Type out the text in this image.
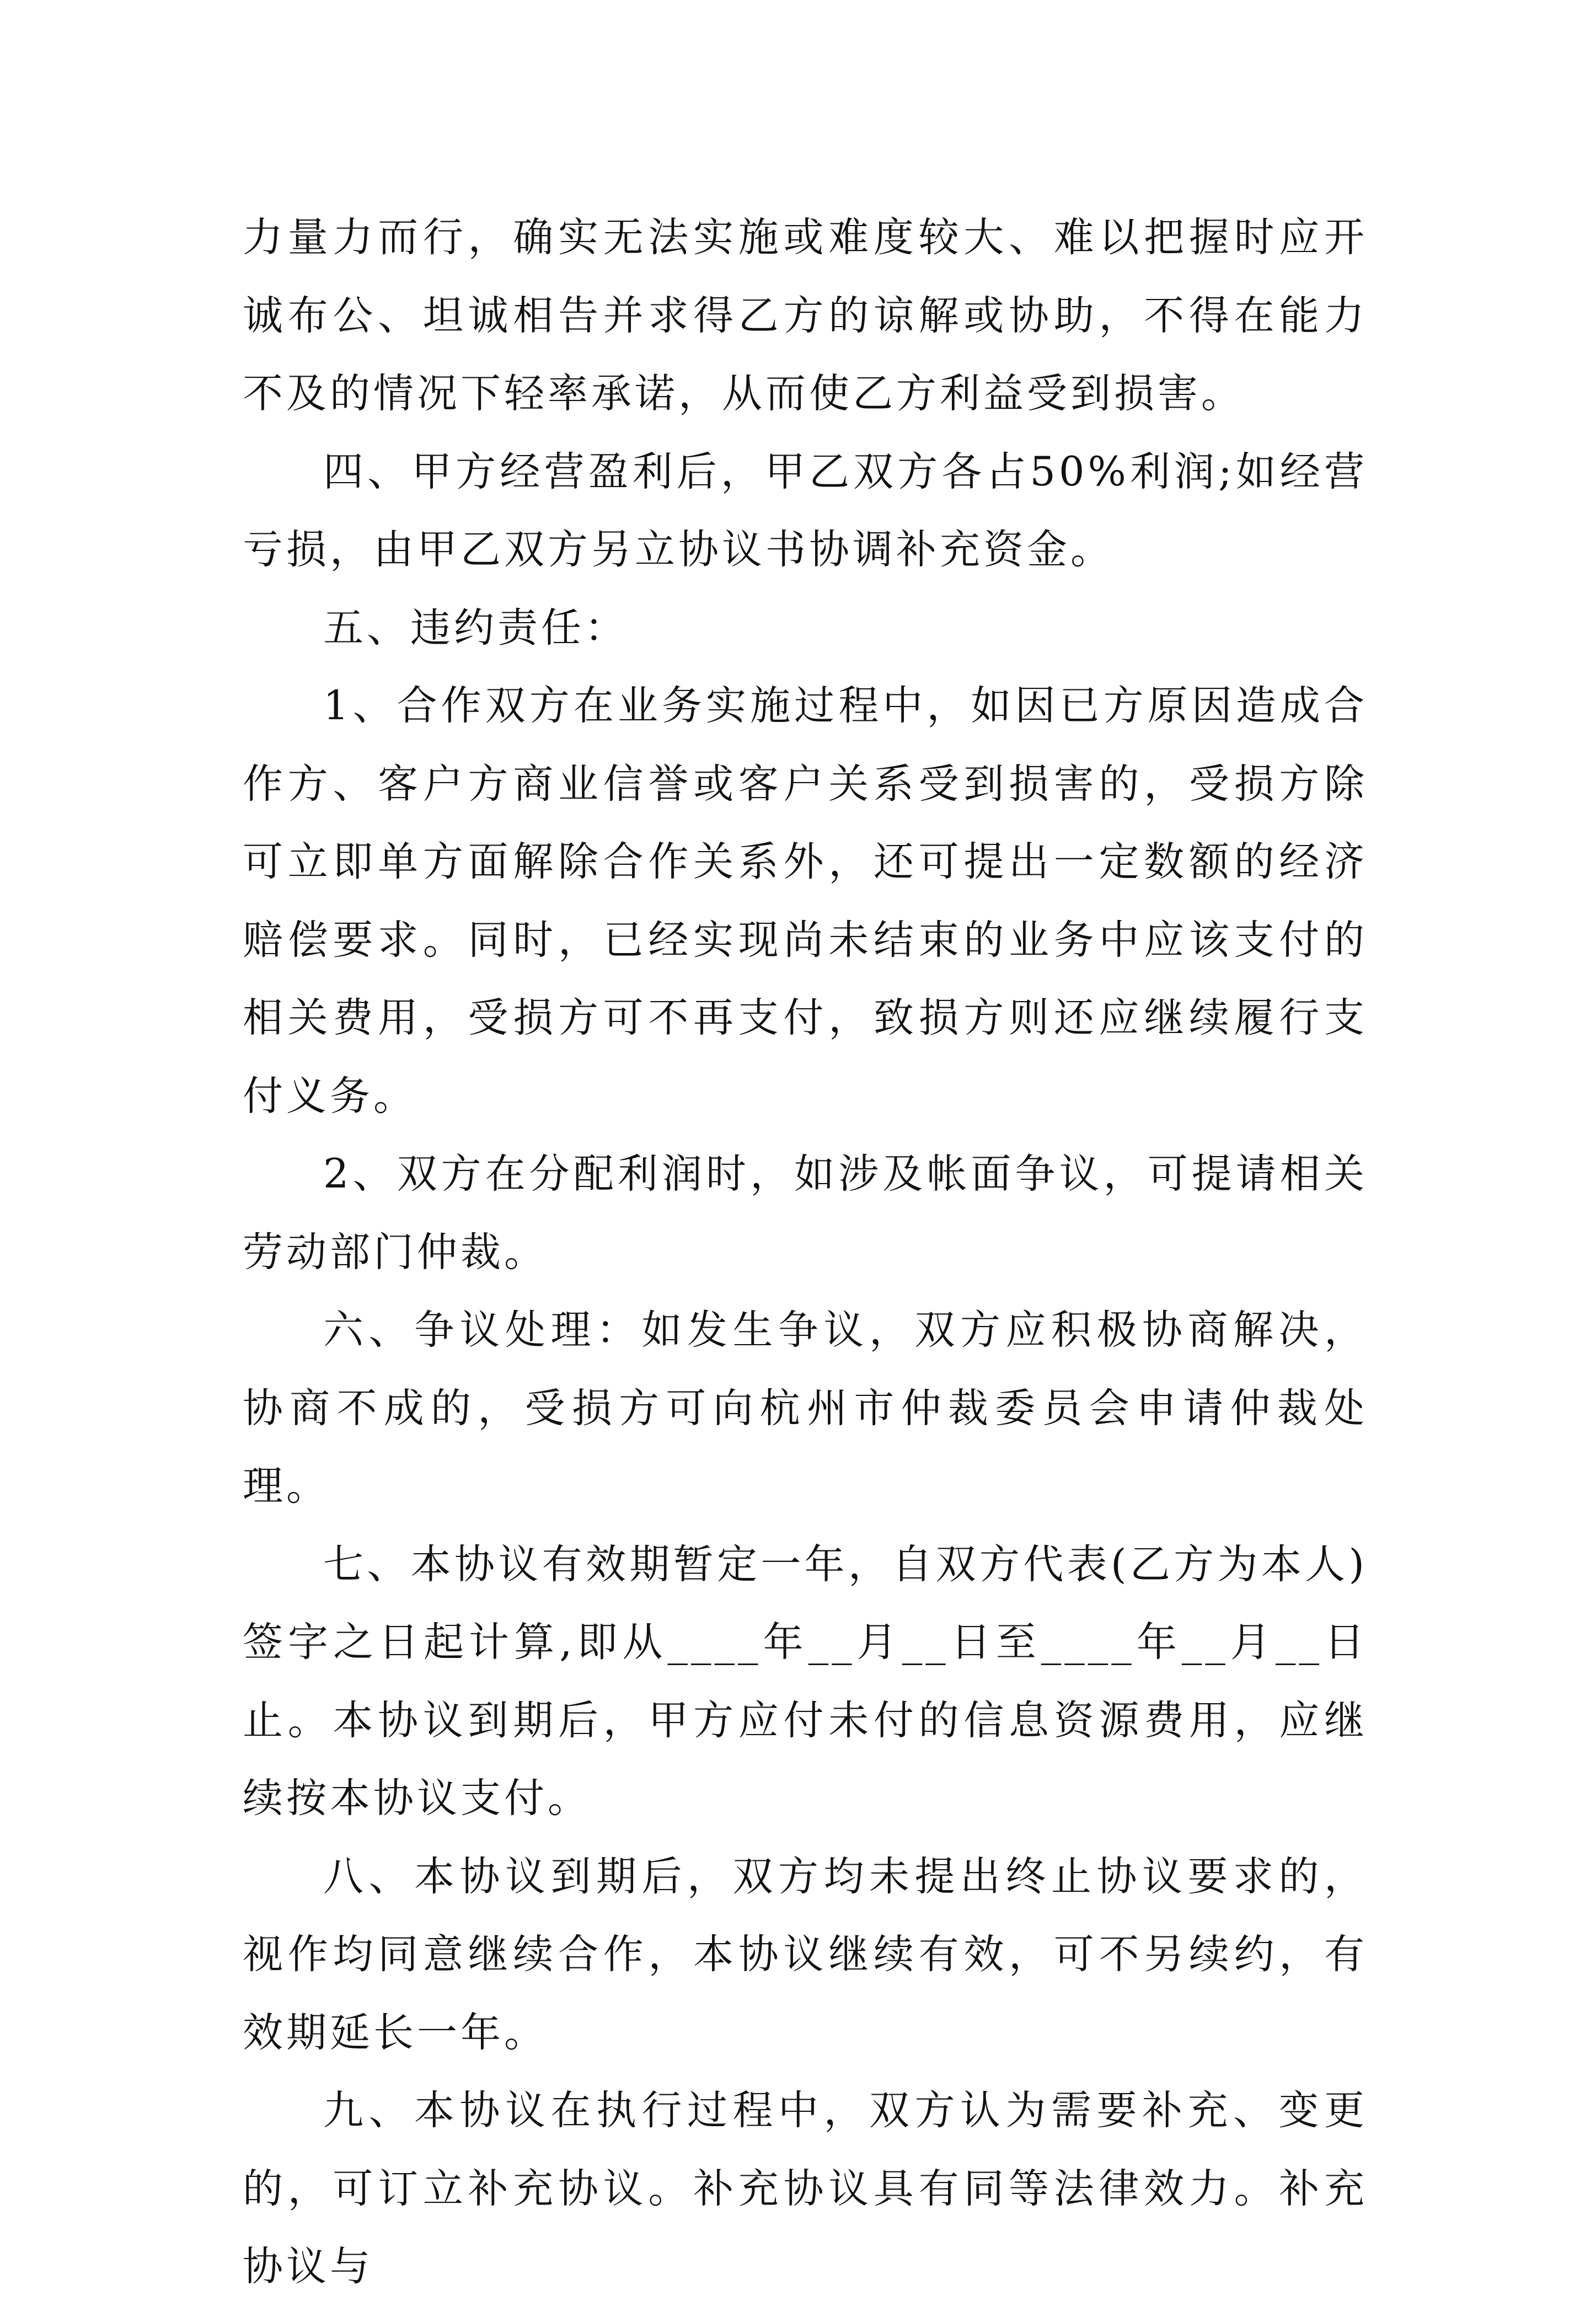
力量力而行，确实无法实施或难度较大、难以把握时应开诚布公、坦诚相告并求得乙方的谅解或协助，不得在能力不及的情况下轻率承诺，从而使乙方利益受到损害。

四、甲方经营盈利后，甲乙双方各占50%利润;如经营亏损，由甲乙双方另立协议书协调补充资金。

五、违约责任：

1、合作双方在业务实施过程中，如因已方原因造成合作方、客户方商业信誉或客户关系受到损害的，受损方除可立即单方面解除合作关系外，还可提出一定数额的经济赔偿要求。同时，已经实现尚未结束的业务中应该支付的相关费用，受损方可不再支付，致损方则还应继续履行支付义务。

2、双方在分配利润时，如涉及帐面争议，可提请相关劳动部门仲裁。

六、争议处理：如发生争议，双方应积极协商解决，协商不成的，受损方可向杭州市仲裁委员会申请仲裁处理。

七、本协议有效期暂定一年，自双方代表(乙方为本人)签字之日起计算,即从____年__月__日至____年__月__日止。本协议到期后，甲方应付未付的信息资源费用，应继续按本协议支付。

八、本协议到期后，双方均未提出终止协议要求的，视作均同意继续合作，本协议继续有效，可不另续约，有效期延长一年。

九、本协议在执行过程中，双方认为需要补充、变更的，可订立补充协议。补充协议具有同等法律效力。补充协议与
